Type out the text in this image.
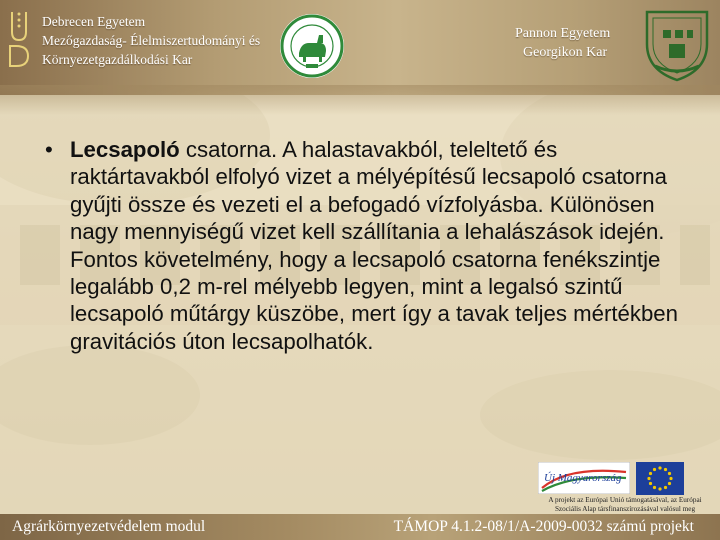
Debrecen Egyetem
Mezőgazdaság- Élelmiszertudományi és
Környezetgazdálkodási Kar
Pannon Egyetem
Georgikon Kar

• Lecsapoló csatorna. A halastavakból, teleltető és raktártavakból elfolyó vizet a mélyépítésű lecsapoló csatorna gyűjti össze és vezeti el a befogadó vízfolyásba. Különösen nagy mennyiségű vizet kell szállítania a lehalászások idején. Fontos követelmény, hogy a lecsapoló csatorna fenékszintje legalább 0,2 m-rel mélyebb legyen, mint a legalsó szintű lecsapoló műtárgy küszöbe, mert így a tavak teljes mértékben gravitációs úton lecsapolhatók.

Új Magyarország
A projekt az Európai Unió támogatásával, az Európai Szociális Alap társfinanszírozásával valósul meg
Agrárkörnyezetvédelem modul	TÁMOP 4.1.2-08/1/A-2009-0032 számú projekt
